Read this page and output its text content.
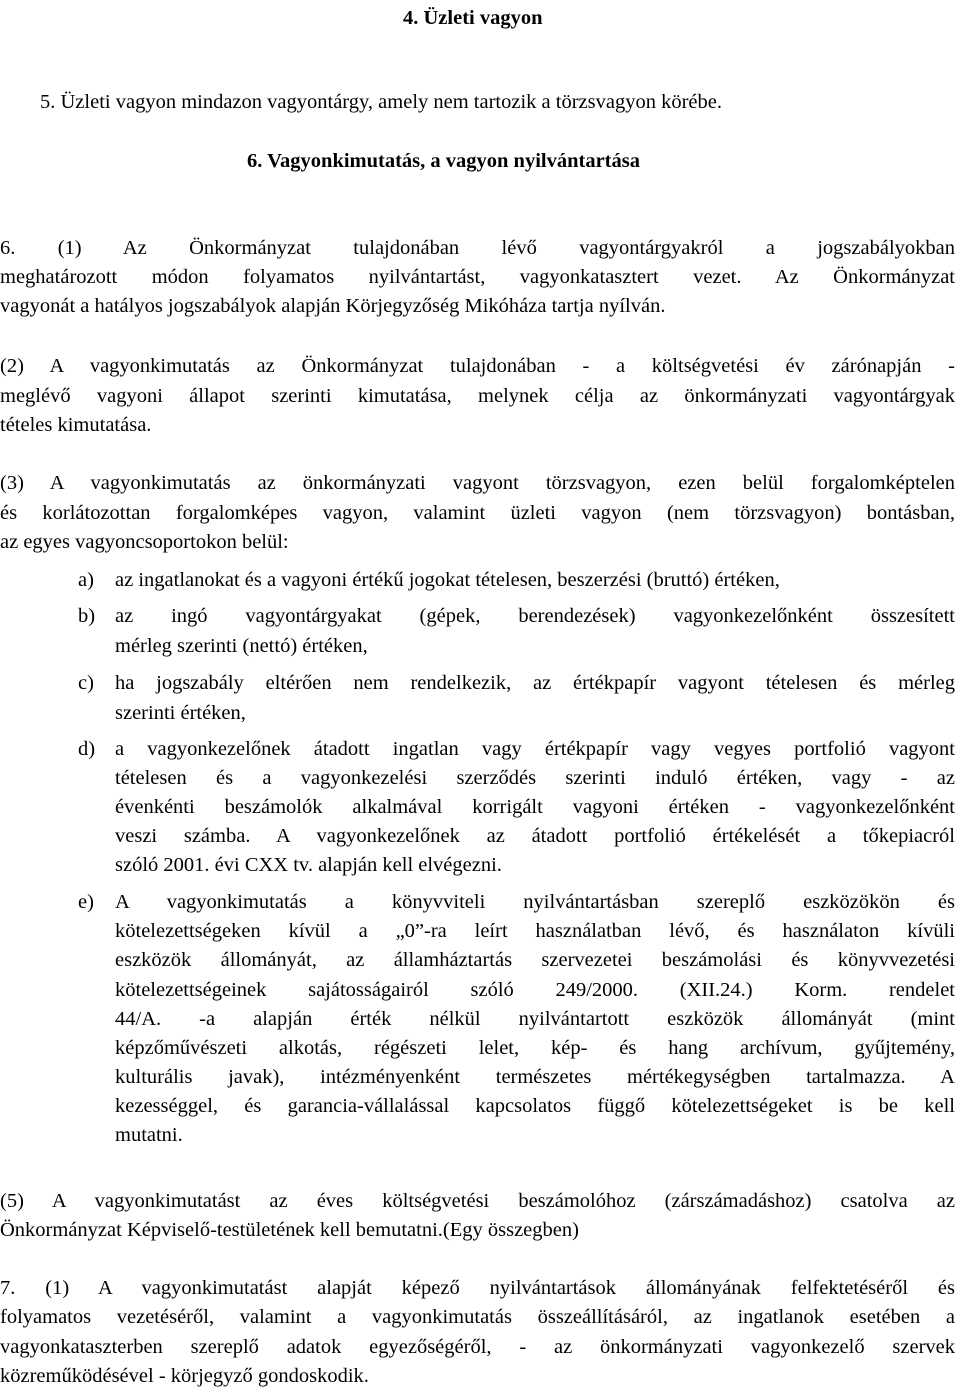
4. Üzleti vagyon
5. Üzleti vagyon mindazon vagyontárgy, amely nem tartozik a törzsvagyon körébe.
6. Vagyonkimutatás, a vagyon nyilvántartása
6. (1) Az Önkormányzat tulajdonában lévő vagyontárgyakról a jogszabályokban
meghatározott módon folyamatos nyilvántartást, vagyonkatasztert vezet. Az Önkormányzat
vagyonát a hatályos jogszabályok alapján Körjegyzőség Mikóháza tartja nyílván.
(2) A vagyonkimutatás az Önkormányzat tulajdonában - a költségvetési év zárónapján -
meglévő vagyoni állapot szerinti kimutatása, melynek célja az önkormányzati vagyontárgyak
tételes kimutatása.
(3) A vagyonkimutatás az önkormányzati vagyont törzsvagyon, ezen belül forgalomképtelen
és korlátozottan forgalomképes vagyon, valamint üzleti vagyon (nem törzsvagyon) bontásban,
az egyes vagyoncsoportokon belül:
a) az ingatlanokat és a vagyoni értékű jogokat tételesen, beszerzési (bruttó) értéken,
b) az ingó vagyontárgyakat (gépek, berendezések) vagyonkezelőnként összesített
mérleg szerinti (nettó) értéken,
c) ha jogszabály eltérően nem rendelkezik, az értékpapír vagyont tételesen és mérleg
szerinti értéken,
d) a vagyonkezelőnek átadott ingatlan vagy értékpapír vagy vegyes portfolió vagyont
tételesen és a vagyonkezelési szerződés szerinti induló értéken, vagy - az
évenkénti beszámolók alkalmával korrigált vagyoni értéken - vagyonkezelőnként
veszi számba. A vagyonkezelőnek az átadott portfolió értékelését a tőkepiacról
szóló 2001. évi CXX tv. alapján kell elvégezni.
e) A vagyonkimutatás a könyvviteli nyilvántartásban szereplő eszközökön és
kötelezettségeken kívül a „0”-ra leírt használatban lévő, és használaton kívüli
eszközök állományát, az államháztartás szervezetei beszámolási és könyvvezetési
kötelezettségeinek sajátosságairól szóló 249/2000. (XII.24.) Korm. rendelet
44/A. -a alapján érték nélkül nyilvántartott eszközök állományát (mint
képzőművészeti alkotás, régészeti lelet, kép- és hang archívum, gyűjtemény,
kulturális javak), intézményenként természetes mértékegységben tartalmazza. A
kezességgel, és garancia-vállalással kapcsolatos függő kötelezettségeket is be kell
mutatni.
(5) A vagyonkimutatást az éves költségvetési beszámolóhoz (zárszámadáshoz) csatolva az
Önkormányzat Képviselő-testületének kell bemutatni.(Egy összegben)
7. (1) A vagyonkimutatást alapját képező nyilvántartások állományának felfektetéséről és
folyamatos vezetéséről, valamint a vagyonkimutatás összeállításáról, az ingatlanok esetében a
vagyonkataszterben szereplő adatok egyezőségéről, - az önkormányzati vagyonkezelő szervek
közreműködésével - körjegyző gondoskodik.
